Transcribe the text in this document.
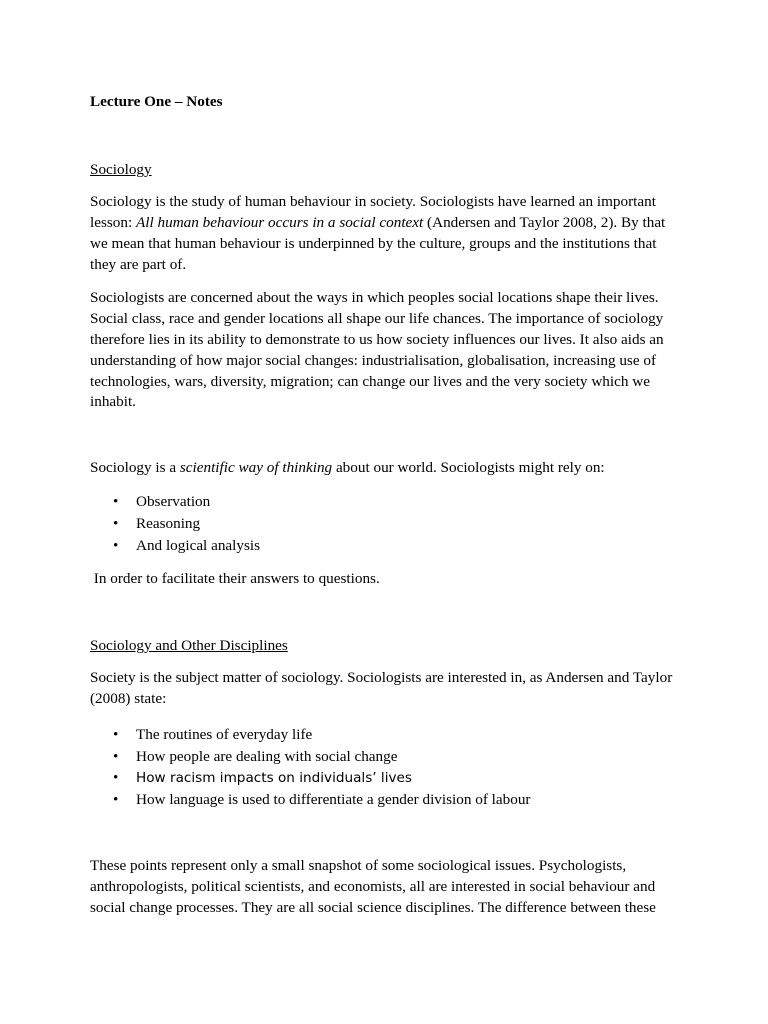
Lecture One – Notes
Sociology
Sociology is the study of human behaviour in society. Sociologists have learned an important
lesson: All human behaviour occurs in a social context (Andersen and Taylor 2008, 2). By that
we mean that human behaviour is underpinned by the culture, groups and the institutions that
they are part of.
Sociologists are concerned about the ways in which peoples social locations shape their lives.
Social class, race and gender locations all shape our life chances. The importance of sociology
therefore lies in its ability to demonstrate to us how society influences our lives. It also aids an
understanding of how major social changes: industrialisation, globalisation, increasing use of
technologies, wars, diversity, migration; can change our lives and the very society which we
inhabit.
Sociology is a scientific way of thinking about our world. Sociologists might rely on:
• Observation
• Reasoning
• And logical analysis
In order to facilitate their answers to questions.
Sociology and Other Disciplines
Society is the subject matter of sociology. Sociologists are interested in, as Andersen and Taylor
(2008) state:
• The routines of everyday life
• How people are dealing with social change
• How racism impacts on individuals’ lives
• How language is used to differentiate a gender division of labour
These points represent only a small snapshot of some sociological issues. Psychologists,
anthropologists, political scientists, and economists, all are interested in social behaviour and
social change processes. They are all social science disciplines. The difference between these
